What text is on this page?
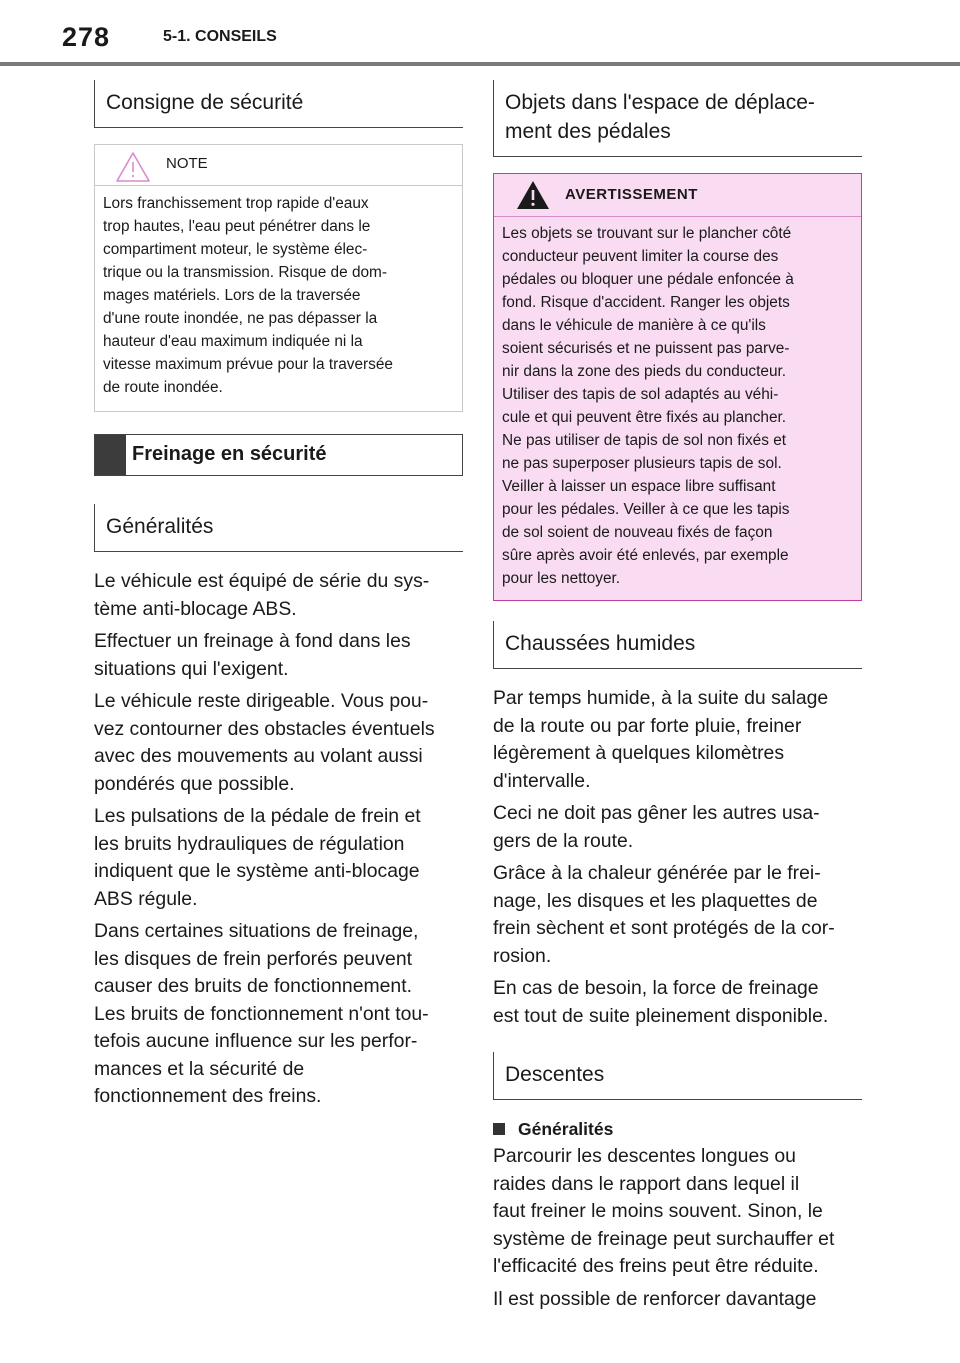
278	5-1. CONSEILS
Consigne de sécurité
NOTE
Lors franchissement trop rapide d'eaux
trop hautes, l'eau peut pénétrer dans le
compartiment moteur, le système élec-
trique ou la transmission. Risque de dom-
mages matériels. Lors de la traversée
d'une route inondée, ne pas dépasser la
hauteur d'eau maximum indiquée ni la
vitesse maximum prévue pour la traversée
de route inondée.
Freinage en sécurité
Généralités
Le véhicule est équipé de série du sys-
tème anti-blocage ABS.
Effectuer un freinage à fond dans les
situations qui l'exigent.
Le véhicule reste dirigeable. Vous pou-
vez contourner des obstacles éventuels
avec des mouvements au volant aussi
pondérés que possible.
Les pulsations de la pédale de frein et
les bruits hydrauliques de régulation
indiquent que le système anti-blocage
ABS régule.
Dans certaines situations de freinage,
les disques de frein perforés peuvent
causer des bruits de fonctionnement.
Les bruits de fonctionnement n'ont tou-
tefois aucune influence sur les perfor-
mances et la sécurité de
fonctionnement des freins.
Objets dans l'espace de déplace-
ment des pédales
AVERTISSEMENT
Les objets se trouvant sur le plancher côté
conducteur peuvent limiter la course des
pédales ou bloquer une pédale enfoncée à
fond. Risque d'accident. Ranger les objets
dans le véhicule de manière à ce qu'ils
soient sécurisés et ne puissent pas parve-
nir dans la zone des pieds du conducteur.
Utiliser des tapis de sol adaptés au véhi-
cule et qui peuvent être fixés au plancher.
Ne pas utiliser de tapis de sol non fixés et
ne pas superposer plusieurs tapis de sol.
Veiller à laisser un espace libre suffisant
pour les pédales. Veiller à ce que les tapis
de sol soient de nouveau fixés de façon
sûre après avoir été enlevés, par exemple
pour les nettoyer.
Chaussées humides
Par temps humide, à la suite du salage
de la route ou par forte pluie, freiner
légèrement à quelques kilomètres
d'intervalle.
Ceci ne doit pas gêner les autres usa-
gers de la route.
Grâce à la chaleur générée par le frei-
nage, les disques et les plaquettes de
frein sèchent et sont protégés de la cor-
rosion.
En cas de besoin, la force de freinage
est tout de suite pleinement disponible.
Descentes
Généralités
Parcourir les descentes longues ou
raides dans le rapport dans lequel il
faut freiner le moins souvent. Sinon, le
système de freinage peut surchauffer et
l'efficacité des freins peut être réduite.
Il est possible de renforcer davantage
